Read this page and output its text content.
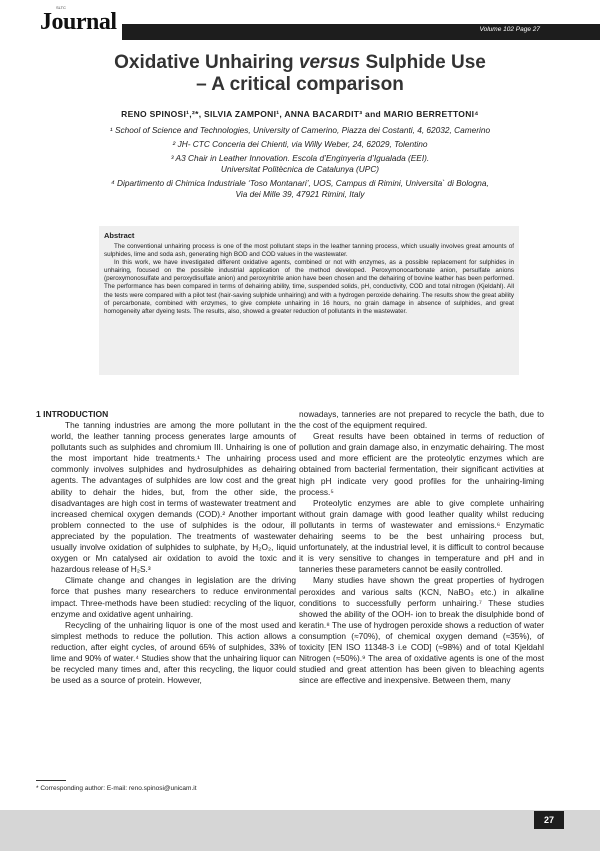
SLTC
Journal	Volume 102 Page 27
Oxidative Unhairing versus Sulphide Use
– A critical comparison
RENO SPINOSI¹,²*, SILVIA ZAMPONI¹, ANNA BACARDIT³ and MARIO BERRETTONI⁴
¹ School of Science and Technologies, University of Camerino, Piazza dei Costanti, 4, 62032, Camerino
² JH- CTC Conceria dei Chienti, via Willy Weber, 24, 62029, Tolentino
³ A3 Chair in Leather Innovation. Escola d’Enginyeria d’Igualada (EEI).
Universitat Politècnica de Catalunya (UPC)
⁴ Dipartimento di Chimica Industriale ‘Toso Montanari’, UOS, Campus di Rimini, Universita` di Bologna,
Via dei Mille 39, 47921 Rimini, Italy
Abstract

The conventional unhairing process is one of the most pollutant steps in the leather tanning process, which usually involves great amounts of sulphides, lime and soda ash, generating high BOD and COD values in the wastewater.

In this work, we have investigated different oxidative agents, combined or not with enzymes, as a possible replacement for sulphides in unhairing, focused on the possible industrial application of the method developed. Peroxymonocarbonate anion, persulfate anions (peroxymonosulfate and peroxydisulfate anion) and peroxynitrite anion have been chosen and the dehairing of bovine leather has been performed. The performance has been compared in terms of dehairing ability, time, suspended solids, pH, conductivity, COD and total nitrogen (Kjeldahl). All the tests were compared with a pilot test (hair-saving sulphide unhairing) and with a hydrogen peroxide dehairing. The results show the great ability of percarbonate, combined with enzymes, to give complete unhairing in 16 hours, no grain damage in absence of sulphides, and great homogeneity after dyeing tests. The results, also, showed a greater reduction of pollutants in the wastewater.

1 INTRODUCTION

The tanning industries are among the more pollutant in the world, the leather tanning process generates large amounts of pollutants such as sulphides and chromium III. Unhairing is one of the most important hide treatments.¹ The unhairing process commonly involves sulphides and hydrosulphides as dehairing agents. The advantages of sulphides are low cost and the great ability to dehair the hides, but, from the other side, the disadvantages are high cost in terms of wastewater treatment and increased chemical oxygen demands (COD).² Another important problem connected to the use of sulphides is the odour, ill appreciated by the population. The treatments of wastewater usually involve oxidation of sulphides to sulphate, by H₂O₂, liquid oxygen or Mn catalysed air oxidation to avoid the toxic and hazardous release of H₂S.³

Climate change and changes in legislation are the driving force that pushes many researchers to reduce environmental impact. Three-methods have been studied: recycling of the liquor, enzyme and oxidative agent unhairing.

Recycling of the unhairing liquor is one of the most used and simplest methods to reduce the pollution. This action allows a reduction, after eight cycles, of around 65% of sulphides, 33% of lime and 90% of water.⁴ Studies show that the unhairing liquor can be recycled many times and, after this recycling, the liquor could be used as a source of protein. However,

nowadays, tanneries are not prepared to recycle the bath, due to the cost of the equipment required.

Great results have been obtained in terms of reduction of pollution and grain damage also, in enzymatic dehairing. The most used and more efficient are the proteolytic enzymes which are obtained from bacterial fermentation, their significant activities at high pH indicate very good profiles for the unhairing-liming process.⁵

Proteolytic enzymes are able to give complete unhairing without grain damage with good leather quality whilst reducing pollutants in terms of wastewater and emissions.⁶ Enzymatic dehairing seems to be the best unhairing process but, unfortunately, at the industrial level, it is difficult to control because it is very sensitive to changes in temperature and pH and in tanneries these parameters cannot be easily controlled.

Many studies have shown the great properties of hydrogen peroxides and various salts (KCN, NaBO₃ etc.) in alkaline conditions to successfully perform unhairing.⁷ These studies showed the ability of the OOH- ion to break the disulphide bond of keratin.⁸ The use of hydrogen peroxide shows a reduction of water consumption (≈70%), of chemical oxygen demand (≈35%), of toxicity [EN ISO 11348-3 i.e COD] (≈98%) and of total Kjeldahl Nitrogen (≈50%).⁹ The area of oxidative agents is one of the most studied and great attention has been given to bleaching agents since are effective and inexpensive. Between them, many

* Corresponding author: E-mail: reno.spinosi@unicam.it
27
